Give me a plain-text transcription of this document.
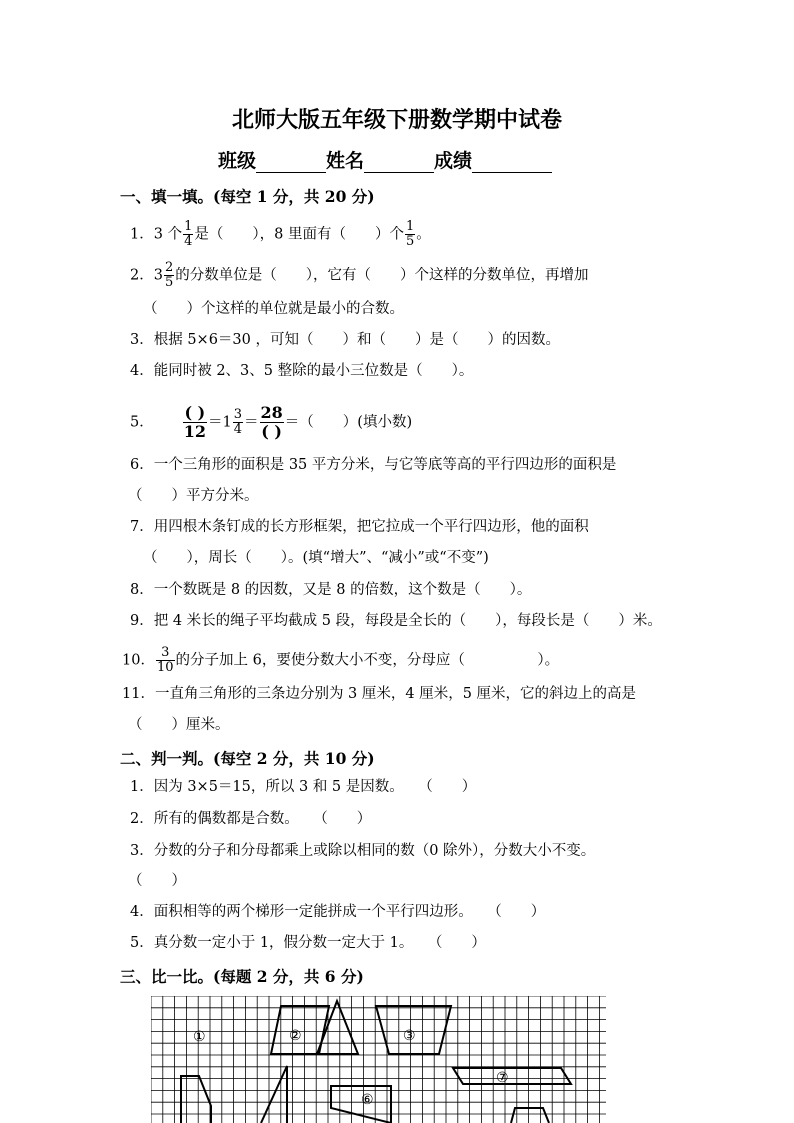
北师大版五年级下册数学期中试卷
班级	姓名	成绩
一、填一填。(每空 1 分，共 20 分)
1．3 个 $\frac{1}{4}$ 是（　　），8 里面有（　　）个 $\frac{1}{5}$ 。
2．$3 \frac{2}{5}$ 的分数单位是（　　），它有（　　）个这样的分数单位，再增加
（　　）个这样的单位就是最小的合数。
3．根据 5×6＝30 ，可知（　　）和（　　）是（　　）的因数。
4．能同时被 2、3、5 整除的最小三位数是（　　）。
5． $\frac{( )}{12} =1 \frac{3}{4} = \frac{28}{( )}$ ＝（　　）(填小数)
6．一个三角形的面积是 35 平方分米，与它等底等高的平行四边形的面积是
（　　）平方分米。
7．用四根木条钉成的长方形框架，把它拉成一个平行四边形，他的面积
（　　），周长（　　）。(填“增大”、“减小”或“不变”)
8．一个数既是 8 的因数，又是 8 的倍数，这个数是（　　）。
9．把 4 米长的绳子平均截成 5 段，每段是全长的（　　），每段长是（　　）米。
10． $\frac{3}{10}$ 的分子加上 6，要使分数大小不变，分母应（　　　　　）。
11．一直角三角形的三条边分别为 3 厘米，4 厘米，5 厘米，它的斜边上的高是
（　　）厘米。
二、判一判。(每空 2 分，共 10 分)
1．因为 3×5＝15，所以 3 和 5 是因数。　　（　　）
2．所有的偶数都是合数。　　（　　）
3．分数的分子和分母都乘上或除以相同的数（0 除外），分数大小不变。
（　　）
4．面积相等的两个梯形一定能拼成一个平行四边形。　　（　　）
5．真分数一定小于 1，假分数一定大于 1。　　（　　）
三、比一比。(每题 2 分，共 6 分)
①	②	③
⑥
⑦
